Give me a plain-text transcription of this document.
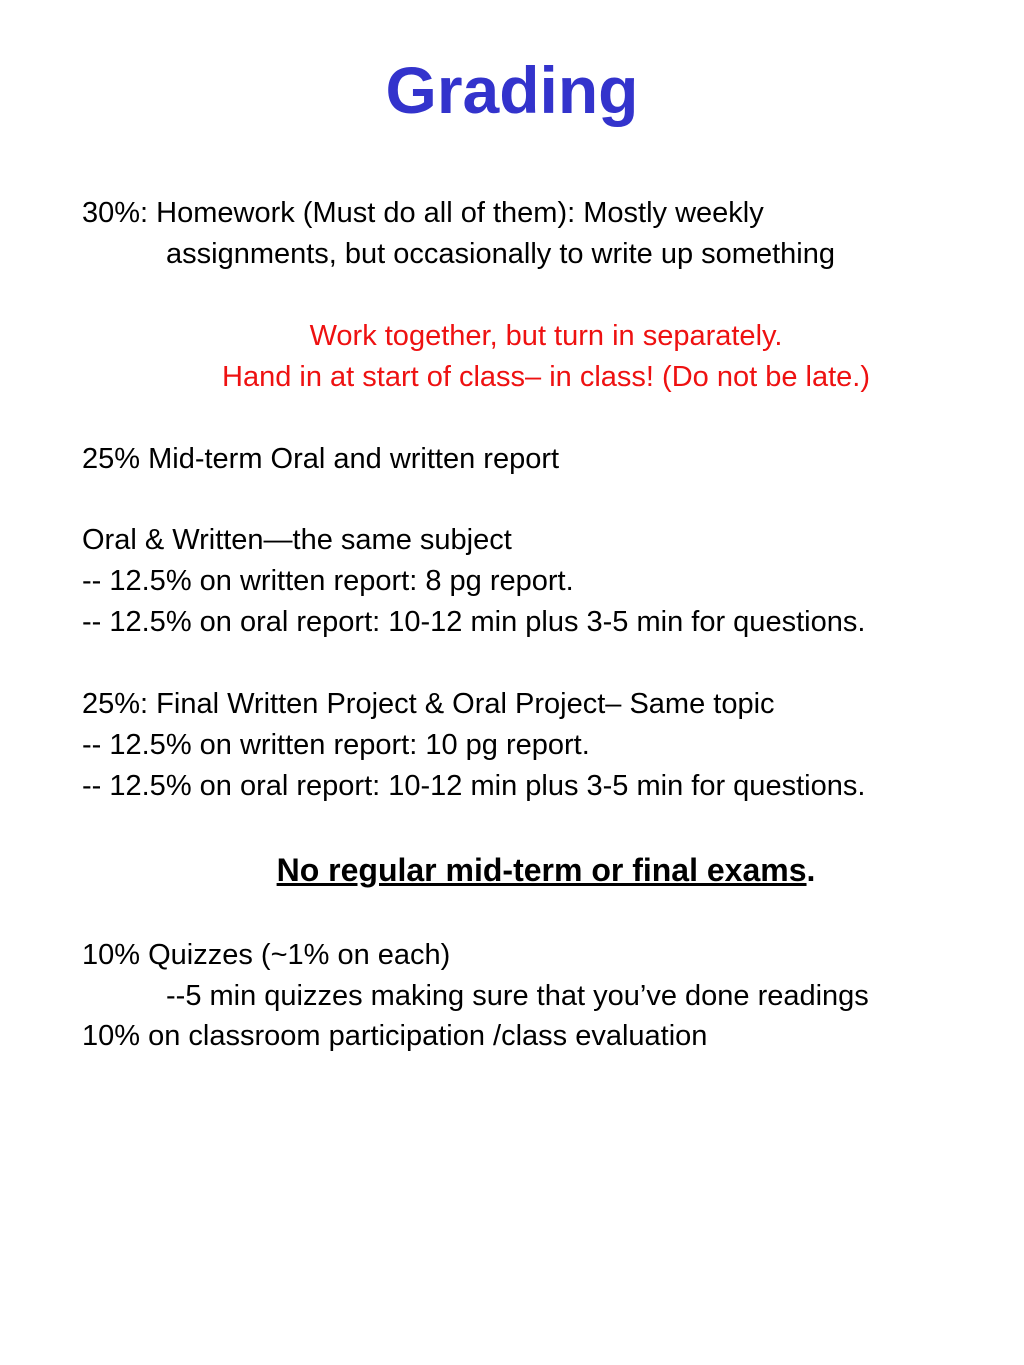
Grading
30%: Homework (Must do all of them): Mostly weekly
assignments, but occasionally to write up something
Work together, but turn in separately.
Hand in at start of class– in class! (Do not be late.)
25% Mid-term Oral and written report
Oral & Written—the same subject
-- 12.5% on written report: 8 pg report.
-- 12.5% on oral report: 10-12 min plus 3-5 min for questions.
25%: Final Written Project & Oral Project– Same topic
-- 12.5% on written report: 10 pg report.
-- 12.5% on oral report: 10-12 min plus 3-5 min for questions.
No regular mid-term or final exams.
10% Quizzes (~1% on each)
--5 min quizzes making sure that you’ve done readings
10% on classroom participation /class evaluation
